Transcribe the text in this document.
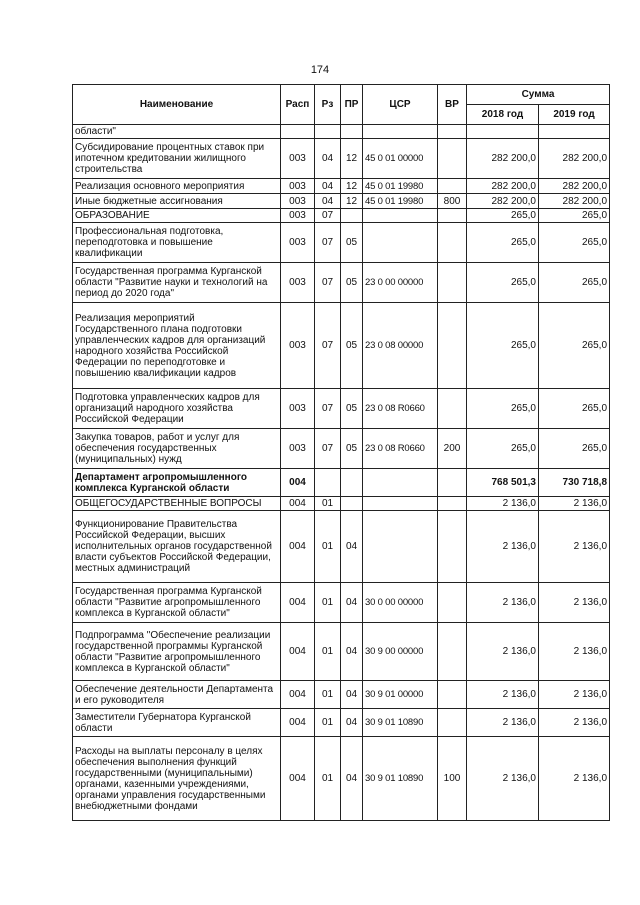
174
Наименование	Расп	Рз	ПР	ЦСР	ВР	Сумма	
						2018 год	2019 год
области"							
Субсидирование процентных ставок при ипотечном кредитовании жилищного строительства	003	04	12	45 0 01 00000		282 200,0	282 200,0
Реализация основного мероприятия	003	04	12	45 0 01 19980		282 200,0	282 200,0
Иные бюджетные ассигнования	003	04	12	45 0 01 19980	800	282 200,0	282 200,0
ОБРАЗОВАНИЕ	003	07				265,0	265,0
Профессиональная подготовка, переподготовка и повышение квалификации	003	07	05			265,0	265,0
Государственная программа Курганской области "Развитие науки и технологий на период до 2020 года"	003	07	05	23 0 00 00000		265,0	265,0
Реализация мероприятий Государственного плана подготовки управленческих кадров для организаций народного хозяйства Российской Федерации по переподготовке и повышению квалификации кадров	003	07	05	23 0 08 00000		265,0	265,0
Подготовка управленческих кадров для организаций народного хозяйства Российской Федерации	003	07	05	23 0 08 R0660		265,0	265,0
Закупка товаров, работ и услуг для обеспечения государственных (муниципальных) нужд	003	07	05	23 0 08 R0660	200	265,0	265,0
Департамент агропромышленного комплекса Курганской области	004					768 501,3	730 718,8
ОБЩЕГОСУДАРСТВЕННЫЕ ВОПРОСЫ	004	01				2 136,0	2 136,0
Функционирование Правительства Российской Федерации, высших исполнительных органов государственной власти субъектов Российской Федерации, местных администраций	004	01	04			2 136,0	2 136,0
Государственная программа Курганской области "Развитие агропромышленного комплекса в Курганской области"	004	01	04	30 0 00 00000		2 136,0	2 136,0
Подпрограмма "Обеспечение реализации государственной программы Курганской области "Развитие агропромышленного комплекса в Курганской области"	004	01	04	30 9 00 00000		2 136,0	2 136,0
Обеспечение деятельности Департамента и его руководителя	004	01	04	30 9 01 00000		2 136,0	2 136,0
Заместители Губернатора Курганской области	004	01	04	30 9 01 10890		2 136,0	2 136,0
Расходы на выплаты персоналу в целях обеспечения выполнения функций государственными (муниципальными) органами, казенными учреждениями, органами управления государственными внебюджетными фондами	004	01	04	30 9 01 10890	100	2 136,0	2 136,0
